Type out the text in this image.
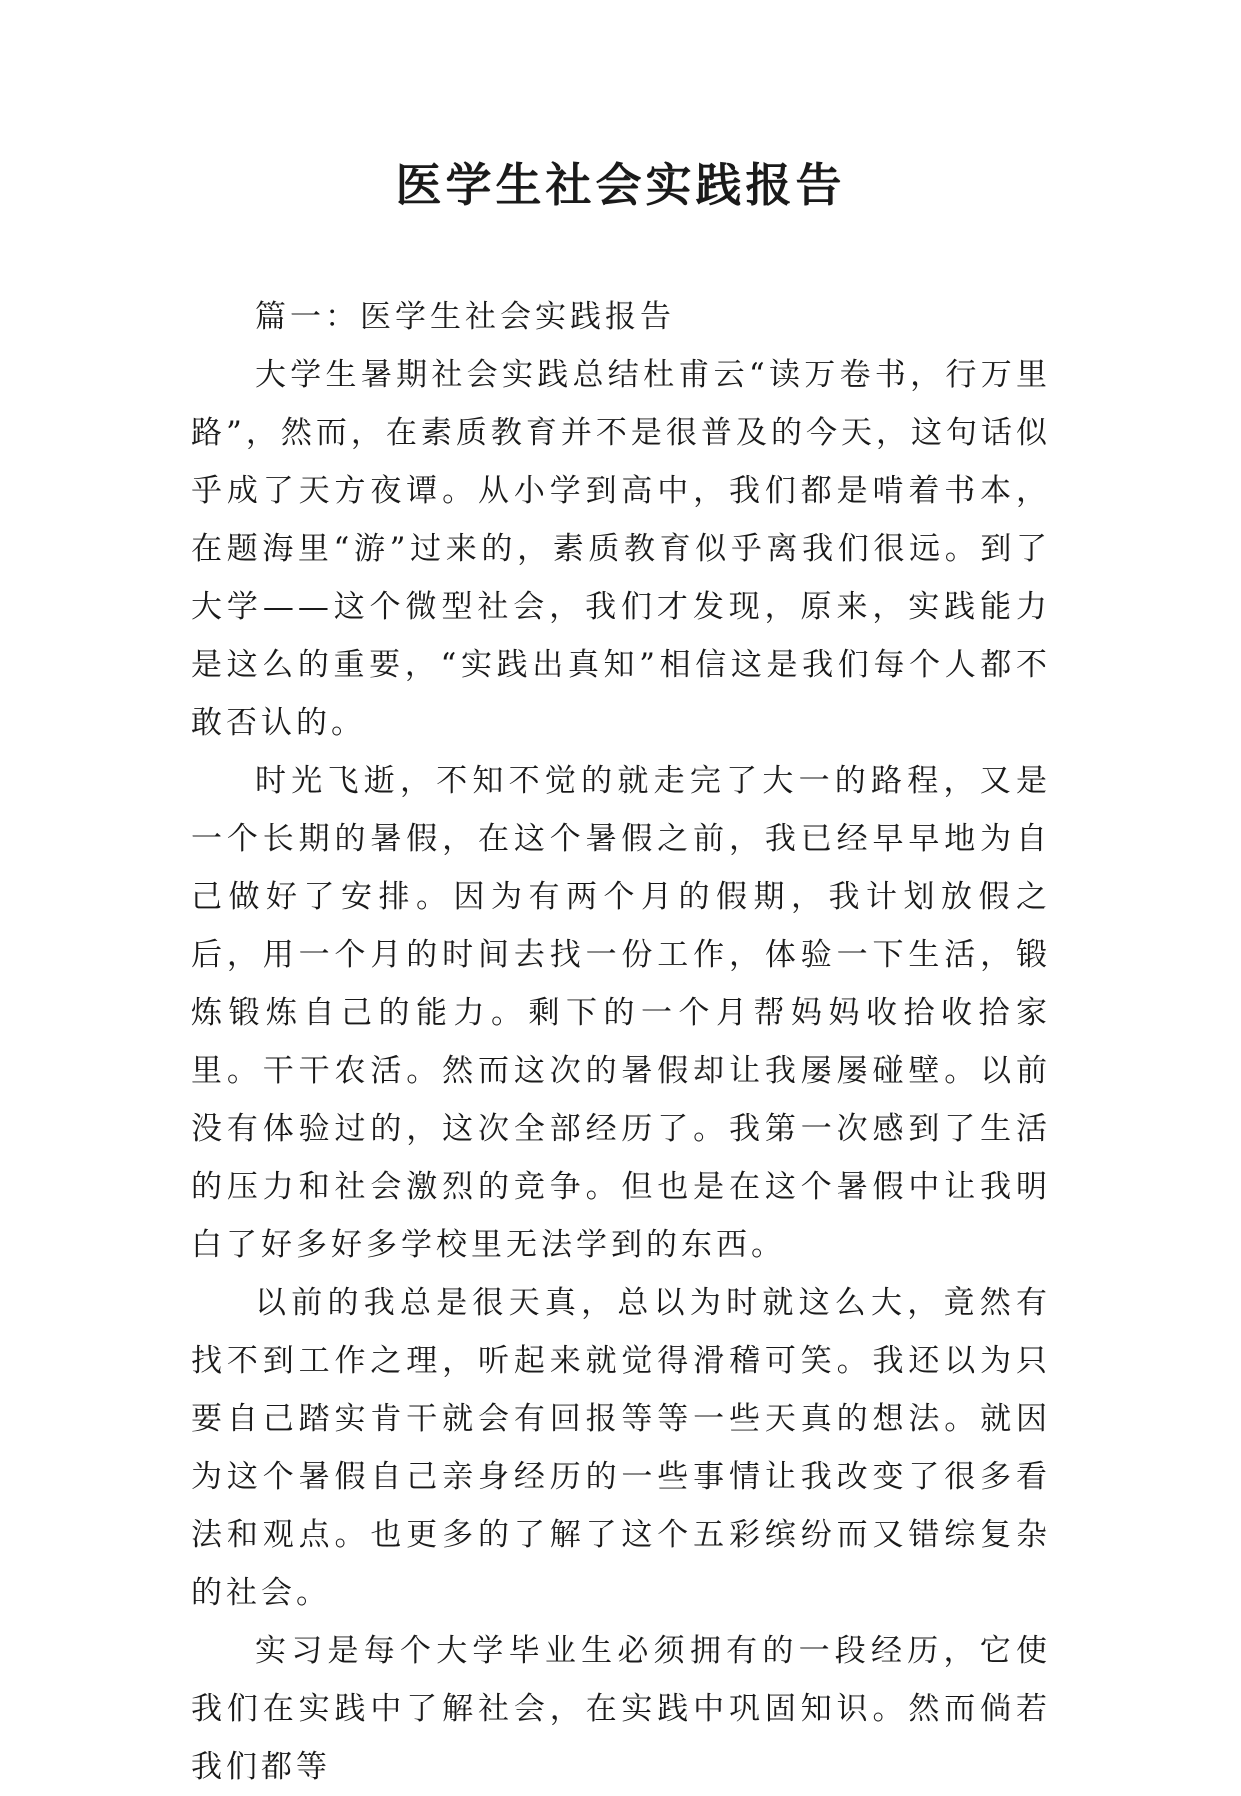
医学生社会实践报告

篇一：医学生社会实践报告

大学生暑期社会实践总结杜甫云“读万卷书，行万里路”，然而，在素质教育并不是很普及的今天，这句话似乎成了天方夜谭。从小学到高中，我们都是啃着书本，在题海里“游”过来的，素质教育似乎离我们很远。到了大学——这个微型社会，我们才发现，原来，实践能力是这么的重要，“实践出真知”相信这是我们每个人都不敢否认的。

时光飞逝，不知不觉的就走完了大一的路程，又是一个长期的暑假，在这个暑假之前，我已经早早地为自己做好了安排。因为有两个月的假期，我计划放假之后，用一个月的时间去找一份工作，体验一下生活，锻炼锻炼自己的能力。剩下的一个月帮妈妈收拾收拾家里。干干农活。然而这次的暑假却让我屡屡碰壁。以前没有体验过的，这次全部经历了。我第一次感到了生活的压力和社会激烈的竞争。但也是在这个暑假中让我明白了好多好多学校里无法学到的东西。

以前的我总是很天真，总以为时就这么大，竟然有找不到工作之理，听起来就觉得滑稽可笑。我还以为只要自己踏实肯干就会有回报等等一些天真的想法。就因为这个暑假自己亲身经历的一些事情让我改变了很多看法和观点。也更多的了解了这个五彩缤纷而又错综复杂的社会。

实习是每个大学毕业生必须拥有的一段经历，它使我们在实践中了解社会，在实践中巩固知识。然而倘若我们都等
